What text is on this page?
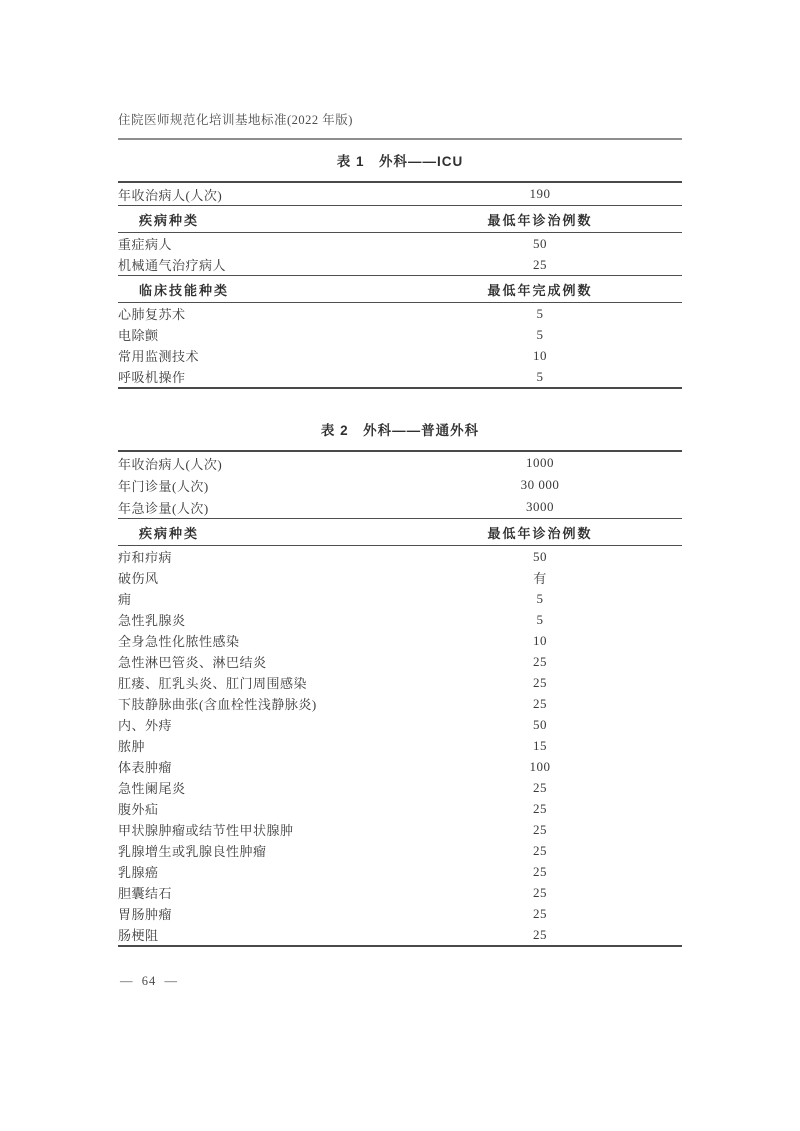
住院医师规范化培训基地标准(2022 年版)
表 1　外科——ICU
年收治病人(人次)	190
疾病种类	最低年诊治例数
重症病人	50
机械通气治疗病人	25
临床技能种类	最低年完成例数
心肺复苏术	5
电除颤	5
常用监测技术	10
呼吸机操作	5
表 2　外科——普通外科
年收治病人(人次)	1000
年门诊量(人次)	30 000
年急诊量(人次)	3000
疾病种类	最低年诊治例数
疖和疖病	50
破伤风	有
痈	5
急性乳腺炎	5
全身急性化脓性感染	10
急性淋巴管炎、淋巴结炎	25
肛瘘、肛乳头炎、肛门周围感染	25
下肢静脉曲张(含血栓性浅静脉炎)	25
内、外痔	50
脓肿	15
体表肿瘤	100
急性阑尾炎	25
腹外疝	25
甲状腺肿瘤或结节性甲状腺肿	25
乳腺增生或乳腺良性肿瘤	25
乳腺癌	25
胆囊结石	25
胃肠肿瘤	25
肠梗阻	25
—  64  —
